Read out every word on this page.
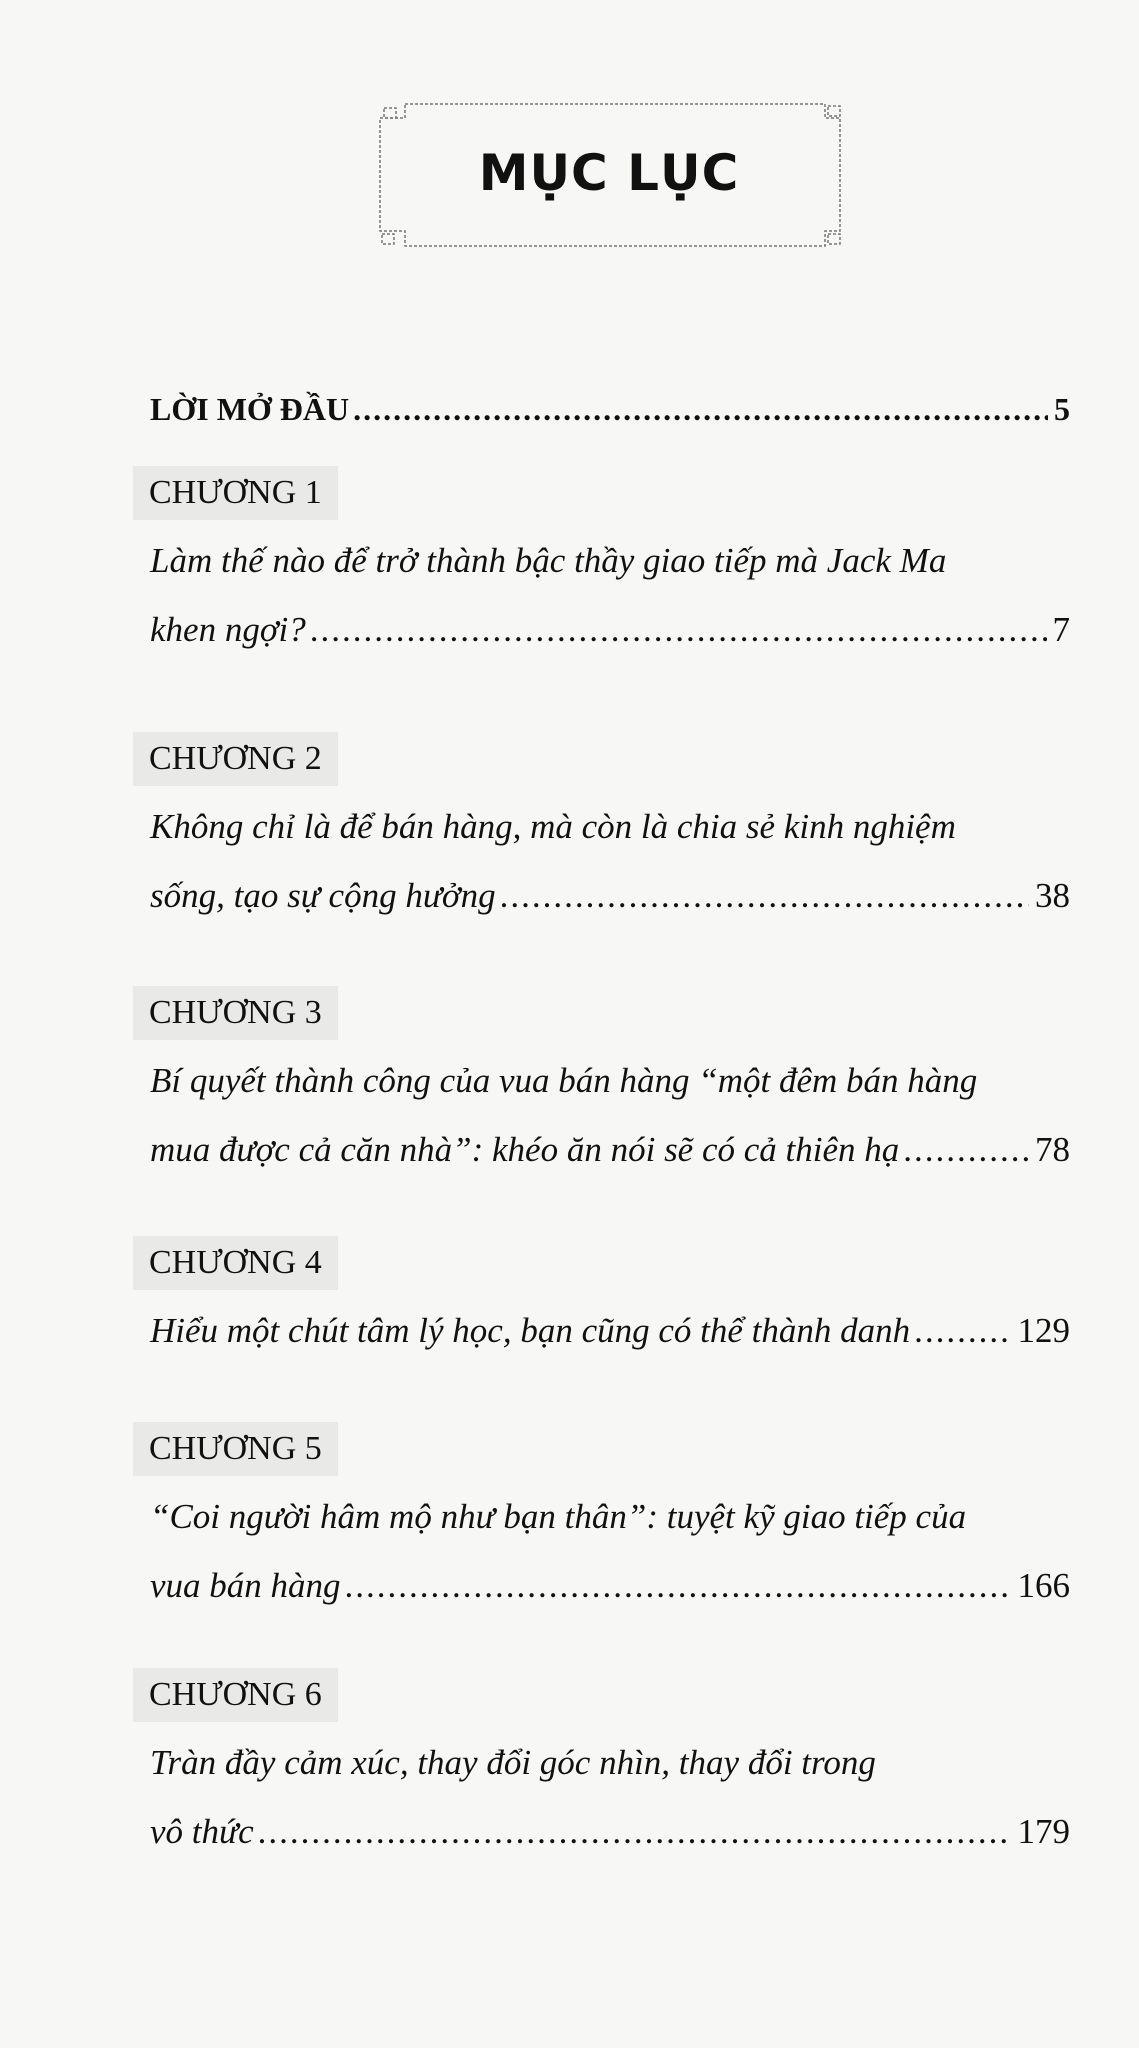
MỤC LỤC
LỜI MỞ ĐẦU .....	5
CHƯƠNG 1
Làm thế nào để trở thành bậc thầy giao tiếp mà Jack Ma
khen ngợi? .....	7
CHƯƠNG 2
Không chỉ là để bán hàng, mà còn là chia sẻ kinh nghiệm
sống, tạo sự cộng hưởng .....	38
CHƯƠNG 3
Bí quyết thành công của vua bán hàng “một đêm bán hàng
mua được cả căn nhà”: khéo ăn nói sẽ có cả thiên hạ .....	78
CHƯƠNG 4
Hiểu một chút tâm lý học, bạn cũng có thể thành danh .....	129
CHƯƠNG 5
“Coi người hâm mộ như bạn thân”: tuyệt kỹ giao tiếp của
vua bán hàng .....	166
CHƯƠNG 6
Tràn đầy cảm xúc, thay đổi góc nhìn, thay đổi trong
vô thức .....	179
